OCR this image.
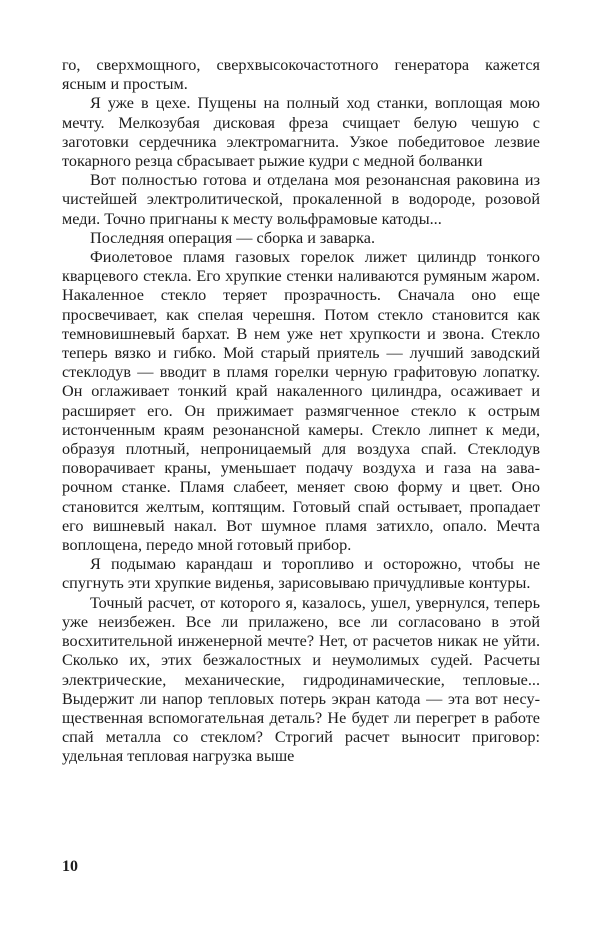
го, сверхмощного, сверхвысокочастотного генератора кажется ясным и простым.

Я уже в цехе. Пущены на полный ход станки, воплощая мою мечту. Мелкозубая дисковая фреза счищает белую чешую с заготовки сердечника электромагнита. Узкое победитовое лезвие токарного резца сбрасывает рыжие кудри с медной болванки

Вот полностью готова и отделана моя резонансная раковина из чистейшей электролитической, прокаленной в водороде, розовой меди. Точно пригнаны к месту вольфрамовые катоды...

Последняя операция — сборка и заварка.

Фиолетовое пламя газовых горелок лижет цилиндр тонкого кварцевого стекла. Его хрупкие стенки наливаются румяным жаром. Накаленное стекло теряет прозрачность. Сначала оно еще просвечивает, как спелая черешня. Потом стекло становится как темновишневый бархат. В нем уже нет хрупкости и звона. Стекло теперь вязко и гибко. Мой старый приятель — лучший заводский стеклодув — вводит в пламя горелки черную графитовую лопатку. Он оглаживает тонкий край накаленного цилиндра, осаживает и расширяет его. Он прижимает размягченное стекло к острым истонченным краям резонансной камеры. Стекло липнет к меди, образуя плотный, непроницаемый для воздуха спай. Стеклодув поворачивает краны, уменьшает подачу воздуха и газа на заварочном станке. Пламя слабеет, меняет свою форму и цвет. Оно становится желтым, коптящим. Готовый спай остывает, пропадает его вишневый накал. Вот шумное пламя затихло, опало. Мечта воплощена, передо мной готовый прибор.

Я подымаю карандаш и торопливо и осторожно, чтобы не спугнуть эти хрупкие виденья, зарисовываю причудливые контуры.

Точный расчет, от которого я, казалось, ушел, увернулся, теперь уже неизбежен. Все ли прилажено, все ли согласовано в этой восхитительной инженерной мечте? Нет, от расчетов никак не уйти. Сколько их, этих безжалостных и неумолимых судей. Расчеты электрические, механические, гидродинамические, тепловые... Выдержит ли напор тепловых потерь экран катода — эта вот несущественная вспомогательная деталь? Не будет ли перегрет в работе спай металла со стеклом? Строгий расчет выносит приговор: удельная тепловая нагрузка выше

10
